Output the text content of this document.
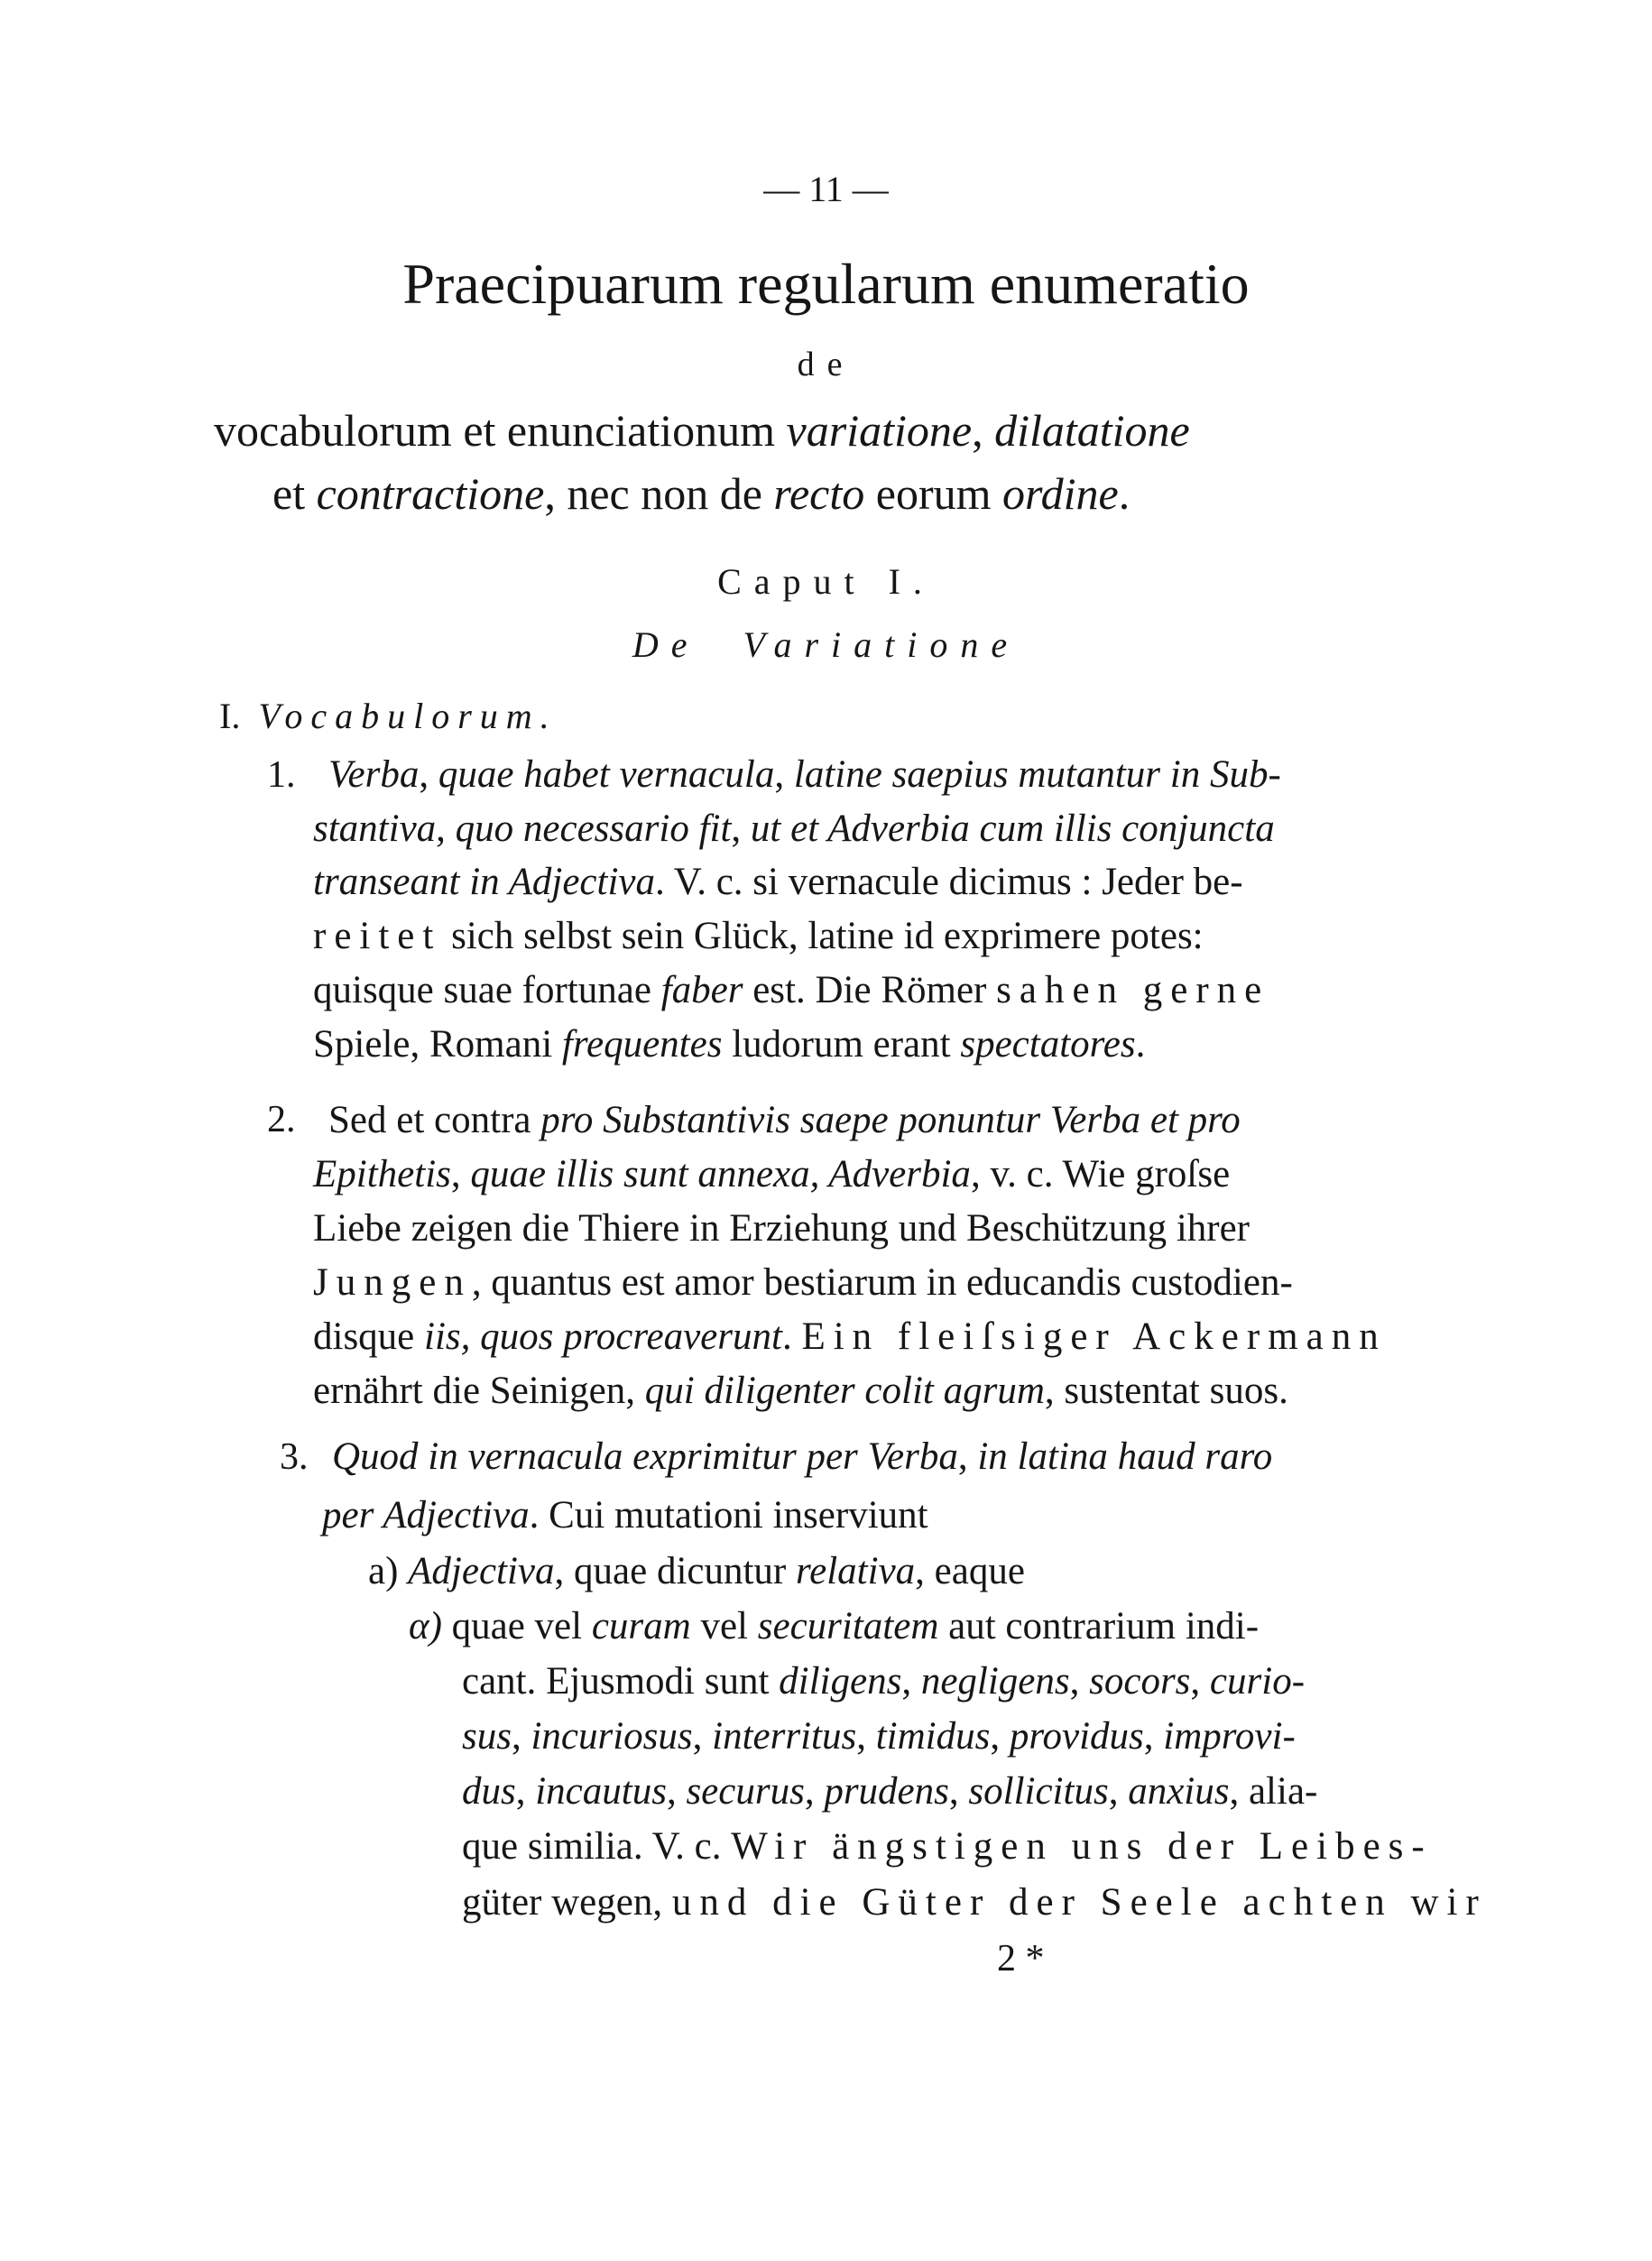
— 11 —
Praecipuarum regularum enumeratio
de
vocabulorum et enunciationum variatione, dilatatione
et contractione, nec non de recto eorum ordine.
Caput I.
De Variatione
I. Vocabulorum.
1. Verba, quae habet vernacula, latine saepius mutantur in Sub-
stantiva, quo necessario fit, ut et Adverbia cum illis conjuncta
transeant in Adjectiva. V. c. si vernacule dicimus : Jeder be-
reitet sich selbst sein Glück, latine id exprimere potes:
quisque suae fortunae faber est. Die Römer sahen gerne
Spiele, Romani frequentes ludorum erant spectatores.
2. Sed et contra pro Substantivis saepe ponuntur Verba et pro
Epithetis, quae illis sunt annexa, Adverbia, v. c. Wie groſse
Liebe zeigen die Thiere in Erziehung und Beschützung ihrer
Jungen, quantus est amor bestiarum in educandis custodien-
disque iis, quos procreaverunt. Ein fleiſsiger Ackermann
ernährt die Seinigen, qui diligenter colit agrum, sustentat suos.
3. Quod in vernacula exprimitur per Verba, in latina haud raro
per Adjectiva. Cui mutationi inserviunt
a) Adjectiva, quae dicuntur relativa, eaque
α) quae vel curam vel securitatem aut contrarium indi-
cant. Ejusmodi sunt diligens, negligens, socors, curio-
sus, incuriosus, interritus, timidus, providus, improvi-
dus, incautus, securus, prudens, sollicitus, anxius, alia-
que similia. V. c. Wir ängstigen uns der Leibes-
güter wegen, und die Güter der Seele achten wir
2 *
